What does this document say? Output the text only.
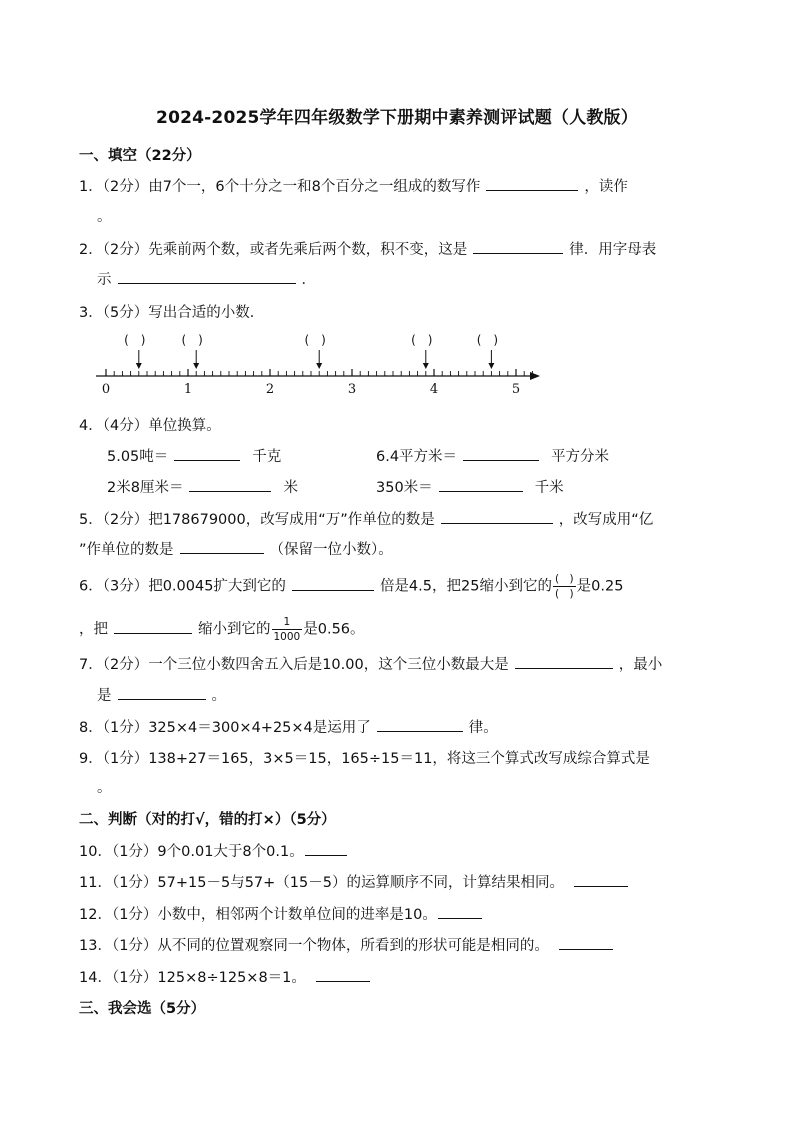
2024-2025学年四年级数学下册期中素养测评试题（人教版）
一、填空（22分）
1．（2分）由7个一，6个十分之一和8个百分之一组成的数写作	，读作
。
2．（2分）先乘前两个数，或者先乘后两个数，积不变，这是	律．用字母表
示	．
3．（5分）写出合适的小数．
0	1	2	3	4	5
(　)	(　)	(　)	(　)	(　)
4．（4分）单位换算。
5.05吨＝	千克	6.4平方米＝	平方分米
2米8厘米＝	米	350米＝	千米
5．（2分）把178679000，改写成用“万”作单位的数是	，改写成用“亿
”作单位的数是	（保留一位小数）。
6．（3分）把0.0045扩大到它的	倍是4.5，把25缩小到它的 $\frac{( )}{( )}$ 是0.25
，把	缩小到它的 $\frac{1}{1000}$ 是0.56。
7．（2分）一个三位小数四舍五入后是10.00，这个三位小数最大是	，最小
是	。
8．（1分）325×4＝300×4+25×4是运用了	律。
9．（1分）138+27＝165，3×5＝15，165÷15＝11，将这三个算式改写成综合算式是
。
二、判断（对的打√，错的打×）（5分）
10．（1分）9个0.01大于8个0.1。
11．（1分）57+15－5与57+（15－5）的运算顺序不同，计算结果相同。
12．（1分）小数中，相邻两个计数单位间的进率是10。
13．（1分）从不同的位置观察同一个物体，所看到的形状可能是相同的。
14．（1分）125×8÷125×8＝1。
三、我会选（5分）
